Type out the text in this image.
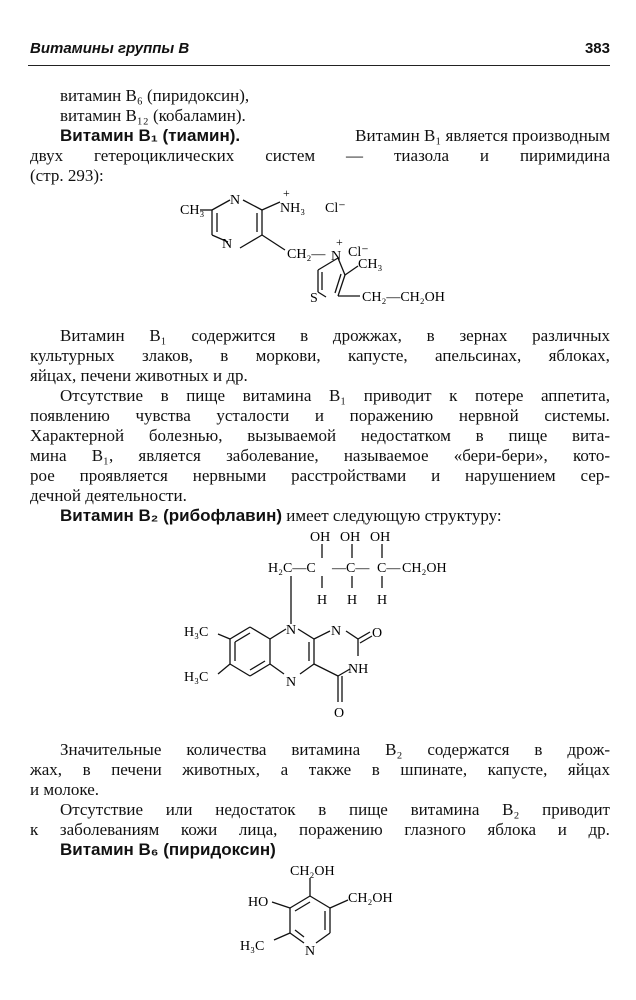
Витамины группы B	383
витамин B₆ (пиридоксин),
витамин B₁₂ (кобаламин).
Витамин B₁ (тиамин).	Витамин B₁ является производным
двух гетероциклических систем — тиазола и пиримидина
(стр. 293):
CH₃
N
N
+
NH₃ Cl⁻
CH₂—
+
N Cl⁻
CH₃
S	CH₂—CH₂OH
Витамин B₁ содержится в дрожжах, в зернах различных
культурных злаков, в моркови, капусте, апельсинах, яблоках,
яйцах, печени животных и др.
Отсутствие в пище витамина B₁ приводит к потере аппетита,
появлению чувства усталости и поражению нервной системы.
Характерной болезнью, вызываемой недостатком в пище вита-
мина B₁, является заболевание, называемое «бери-бери», кото-
рое проявляется нервными расстройствами и нарушением сер-
дечной деятельности.
Витамин B₂ (рибофлавин) имеет следующую структуру:
OH OH OH
H₂C—C —C— C— CH₂OH
H H H
N N
N
NH
O
O
H₃C
H₃C
Значительные количества витамина B₂ содержатся в дрож-
жах, в печени животных, а также в шпинате, капусте, яйцах
и молоке.
Отсутствие или недостаток в пище витамина B₂ приводит
к заболеваниям кожи лица, поражению глазного яблока и др.
Витамин B₆ (пиридоксин)
CH₂OH
HO	CH₂OH
H₃C	N
